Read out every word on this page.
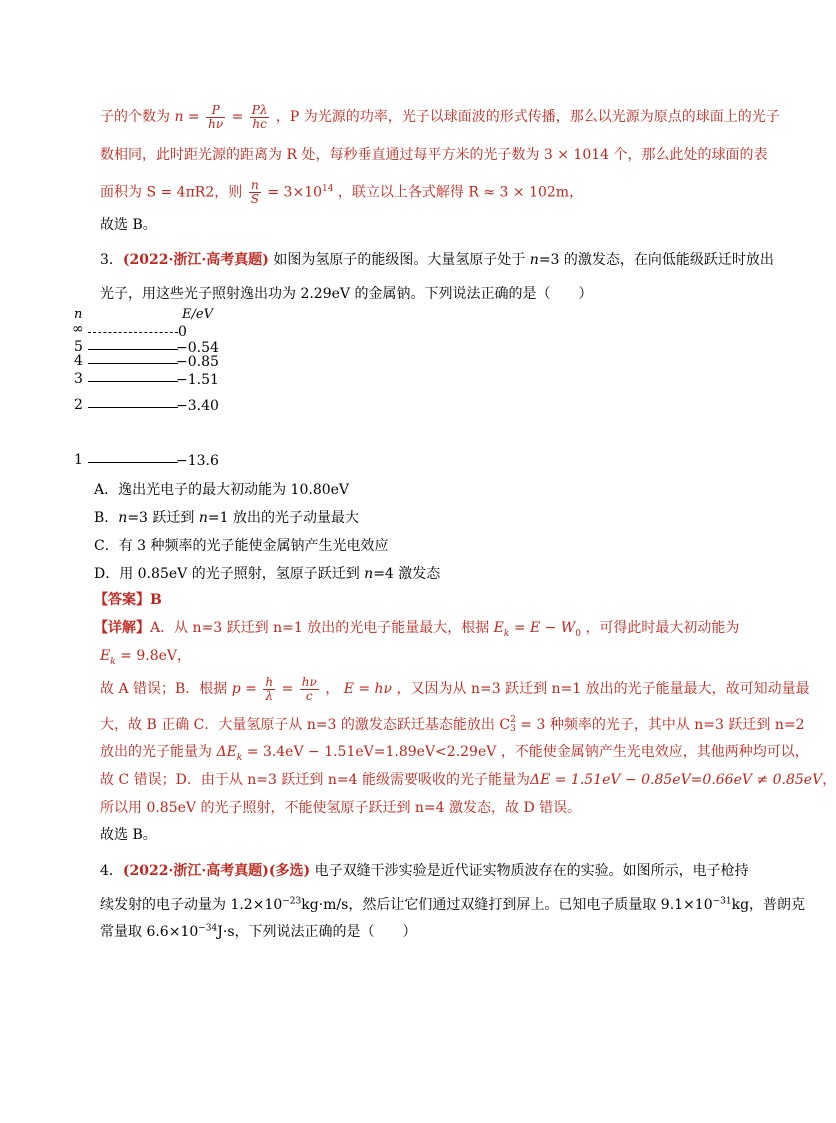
子的个数为 $n = \frac{P}{h\nu} = \frac{P\lambda}{hc}$ ，P 为光源的功率，光子以球面波的形式传播，那么以光源为原点的球面上的光子
数相同，此时距光源的距离为 R 处，每秒垂直通过每平方米的光子数为 3 × 1014 个，那么此处的球面的表
面积为 S = 4πR2，则 $\frac{n}{S} = 3\times 10^{14}$ ，联立以上各式解得 R ≈ 3 × 102m，
故选 B。
3．(2022·浙江·高考真题) 如图为氢原子的能级图。大量氢原子处于 n=3 的激发态，在向低能级跃迁时放出
光子，用这些光子照射逸出功为 2.29eV 的金属钠。下列说法正确的是（　　）
n	E/eV
∞	0
5	−0.54
4	−0.85
3	−1.51
2	−3.40
1	−13.6
A．逸出光电子的最大初动能为 10.80eV
B．n=3 跃迁到 n=1 放出的光子动量最大
C．有 3 种频率的光子能使金属钠产生光电效应
D．用 0.85eV 的光子照射，氢原子跃迁到 n=4 激发态
【答案】B
【详解】A．从 n=3 跃迁到 n=1 放出的光电子能量最大，根据 $E_k = E - W_0$ ，可得此时最大初动能为
$E_k = 9.8eV$，
故 A 错误；B．根据 $p = \frac{h}{\lambda} = \frac{h\nu}{c}$ ， E = hν ，又因为从 n=3 跃迁到 n=1 放出的光子能量最大，故可知动量最
大，故 B 正确 C．大量氢原子从 n=3 的激发态跃迁基态能放出 C 2
3 = 3 种频率的光子，其中从 n=3 跃迁到 n=2
放出的光子能量为 $\Delta E_k = 3.4eV - 1.51eV=1.89eV<2.29eV$ ，不能使金属钠产生光电效应，其他两种均可以，
故 C 错误；D．由于从 n=3 跃迁到 n=4 能级需要吸收的光子能量为ΔE = 1.51eV − 0.85eV=0.66eV ≠ 0.85eV，
所以用 0.85eV 的光子照射，不能使氢原子跃迁到 n=4 激发态，故 D 错误。
故选 B。
4．(2022·浙江·高考真题)(多选) 电子双缝干涉实验是近代证实物质波存在的实验。如图所示，电子枪持
续发射的电子动量为 $1.2\times 10^{-23}kg\cdot m/s$，然后让它们通过双缝打到屏上。已知电子质量取 $9.1\times 10^{-31}kg$，普朗克
常量取 $6.6\times 10^{-34}J\cdot s$，下列说法正确的是（　　）
